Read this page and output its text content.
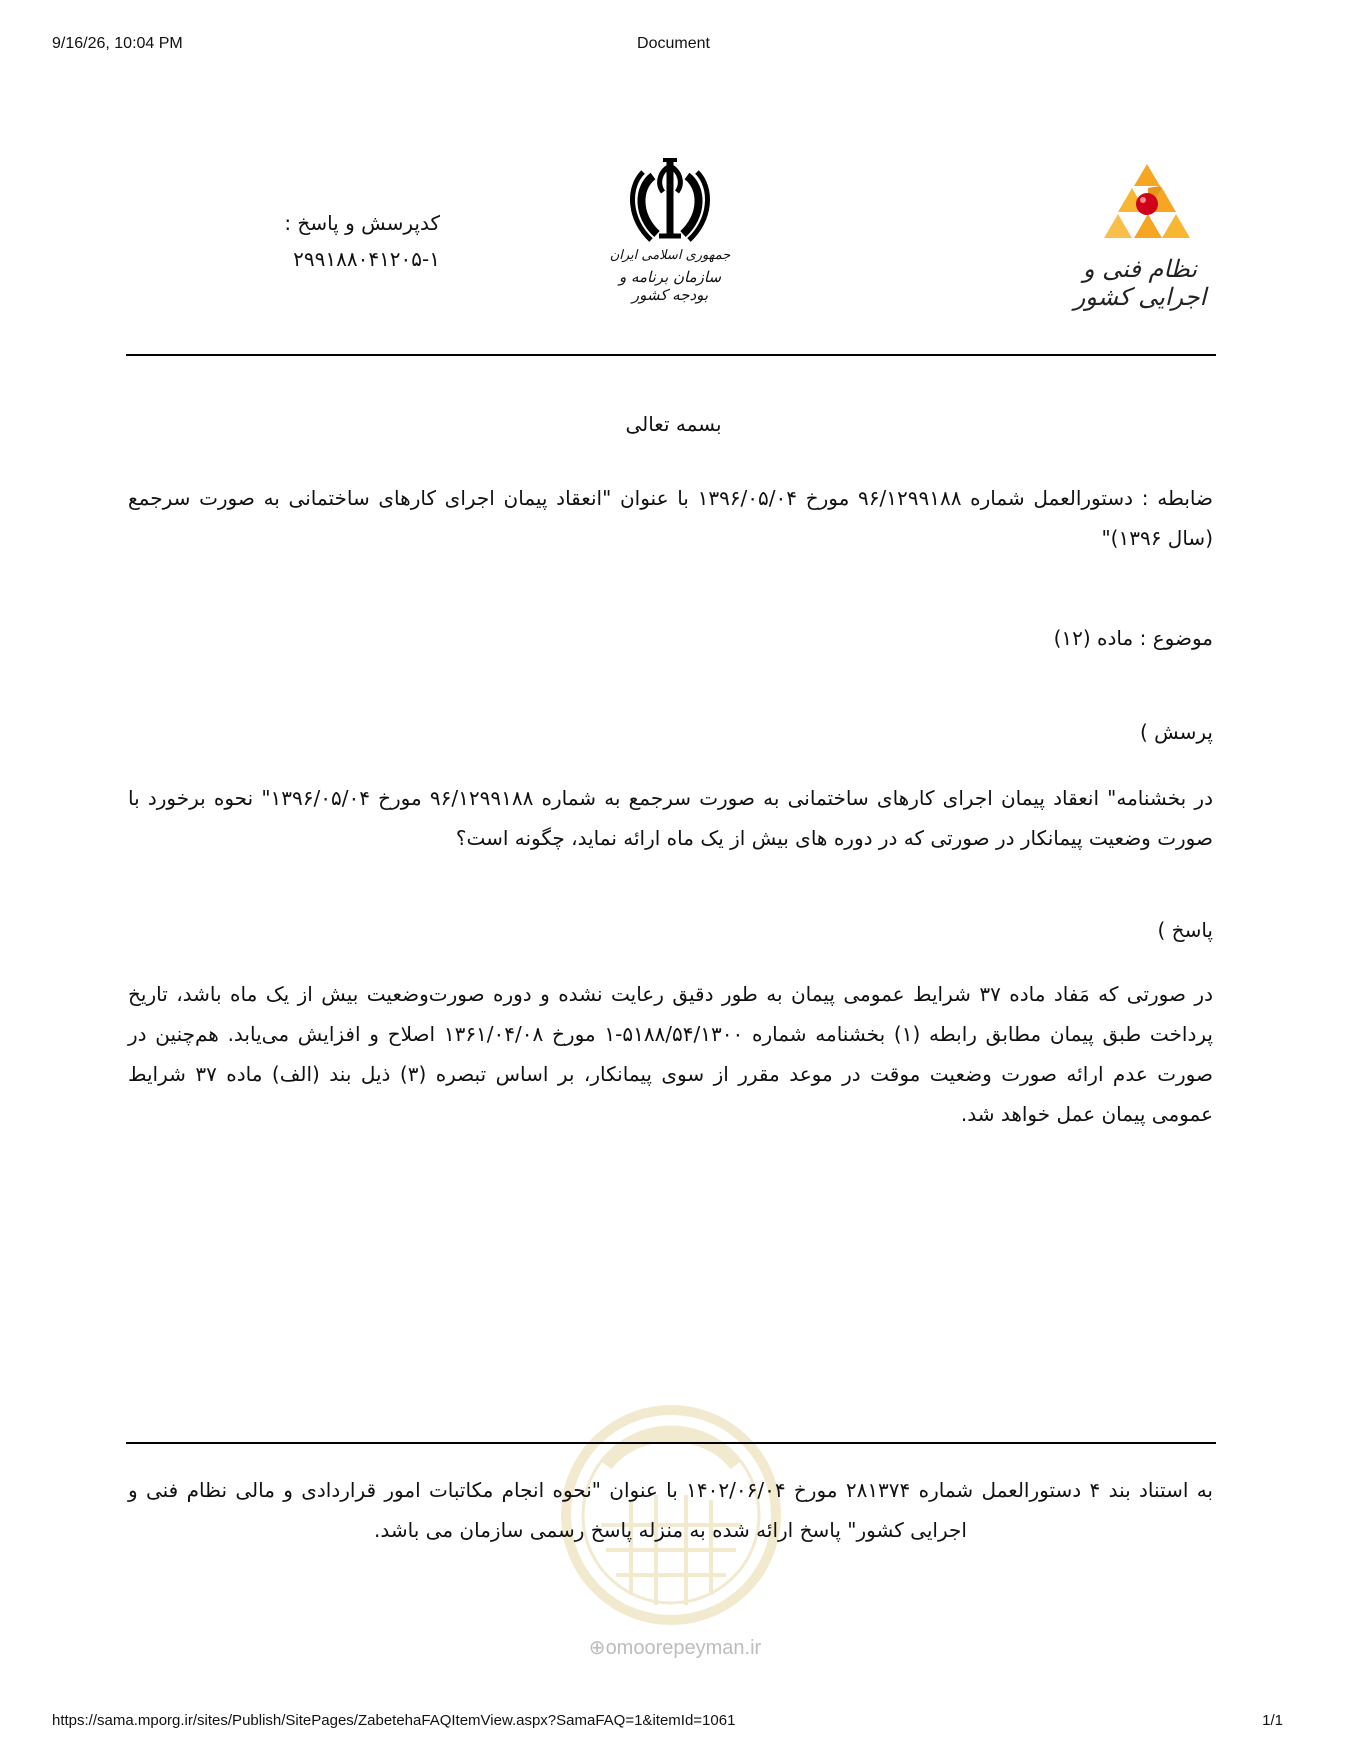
9/16/26, 10:04 PM	Document
نظام فنی و اجرایی کشور
جمهوری اسلامی ایران
سازمان برنامه و بودجه کشور
کدپرسش و پاسخ :
۲۹۹۱۸۸۰۴۱۲۰۵-۱
بسمه تعالی
ضابطه : دستورالعمل شماره ۹۶/۱۲۹۹۱۸۸ مورخ ۱۳۹۶/۰۵/۰۴ با عنوان "انعقاد پیمان اجرای کارهای ساختمانی به صورت سرجمع (سال ۱۳۹۶)"
موضوع : ماده (۱۲)
پرسش )
در بخشنامه" انعقاد پیمان اجرای کارهای ساختمانی به صورت سرجمع به شماره ۹۶/۱۲۹۹۱۸۸ مورخ ۱۳۹۶/۰۵/۰۴" نحوه برخورد با صورت وضعیت پیمانکار در صورتی که در دوره های بیش از یک ماه ارائه نماید، چگونه است؟
پاسخ )
در صورتی که مَفاد ماده ۳۷ شرایط عمومی پیمان به طور دقیق رعایت نشده و دوره صورت‌وضعیت بیش از یک ماه باشد، تاریخ پرداخت طبق پیمان مطابق رابطه (۱) بخشنامه شماره ۵۱۸۸/۵۴/۱۳۰۰-۱ مورخ ۱۳۶۱/۰۴/۰۸ اصلاح و افزایش می‌یابد. هم‌چنین در صورت عدم ارائه صورت وضعیت موقت در موعد مقرر از سوی پیمانکار، بر اساس تبصره (۳) ذیل بند (الف) ماده ۳۷ شرایط عمومی پیمان عمل خواهد شد.
به استناد بند ۴ دستورالعمل شماره ۲۸۱۳۷۴ مورخ ۱۴۰۲/۰۶/۰۴ با عنوان "نحوه انجام مکاتبات امور قراردادی و مالی نظام فنی و اجرایی کشور" پاسخ ارائه شده به منزله پاسخ رسمی سازمان می باشد.
⊕omoorepeyman.ir
https://sama.mporg.ir/sites/Publish/SitePages/ZabetehaFAQItemView.aspx?SamaFAQ=1&itemId=1061	1/1
